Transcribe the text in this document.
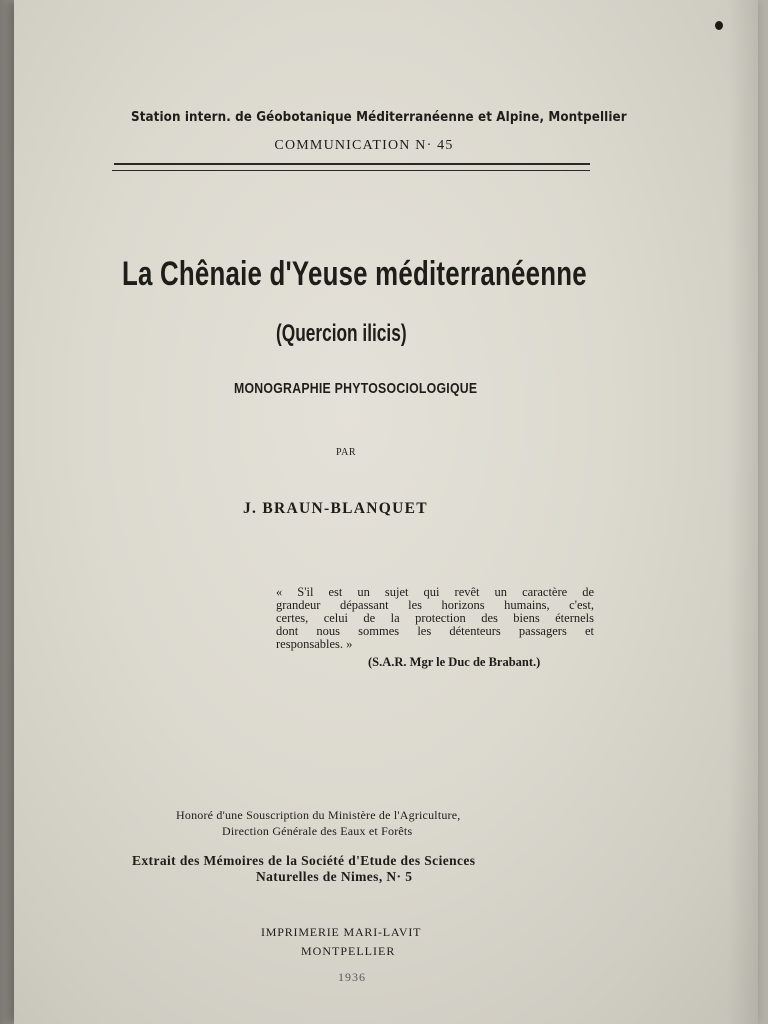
Station intern. de Géobotanique Méditerranéenne et Alpine, Montpellier

COMMUNICATION N· 45

La Chênaie d'Yeuse méditerranéenne

(Quercion ilicis)

MONOGRAPHIE PHYTOSOCIOLOGIQUE

PAR

J. BRAUN-BLANQUET

« S'il est un sujet qui revêt un caractère de
grandeur dépassant les horizons humains, c'est,
certes, celui de la protection des biens éternels
dont nous sommes les détenteurs passagers et
responsables. »

(S.A.R. Mgr le Duc de Brabant.)

Honoré d'une Souscription du Ministère de l'Agriculture,

Direction Générale des Eaux et Forêts

Extrait des Mémoires de la Société d'Etude des Sciences

Naturelles de Nimes, N· 5

IMPRIMERIE MARI-LAVIT

MONTPELLIER

1936
